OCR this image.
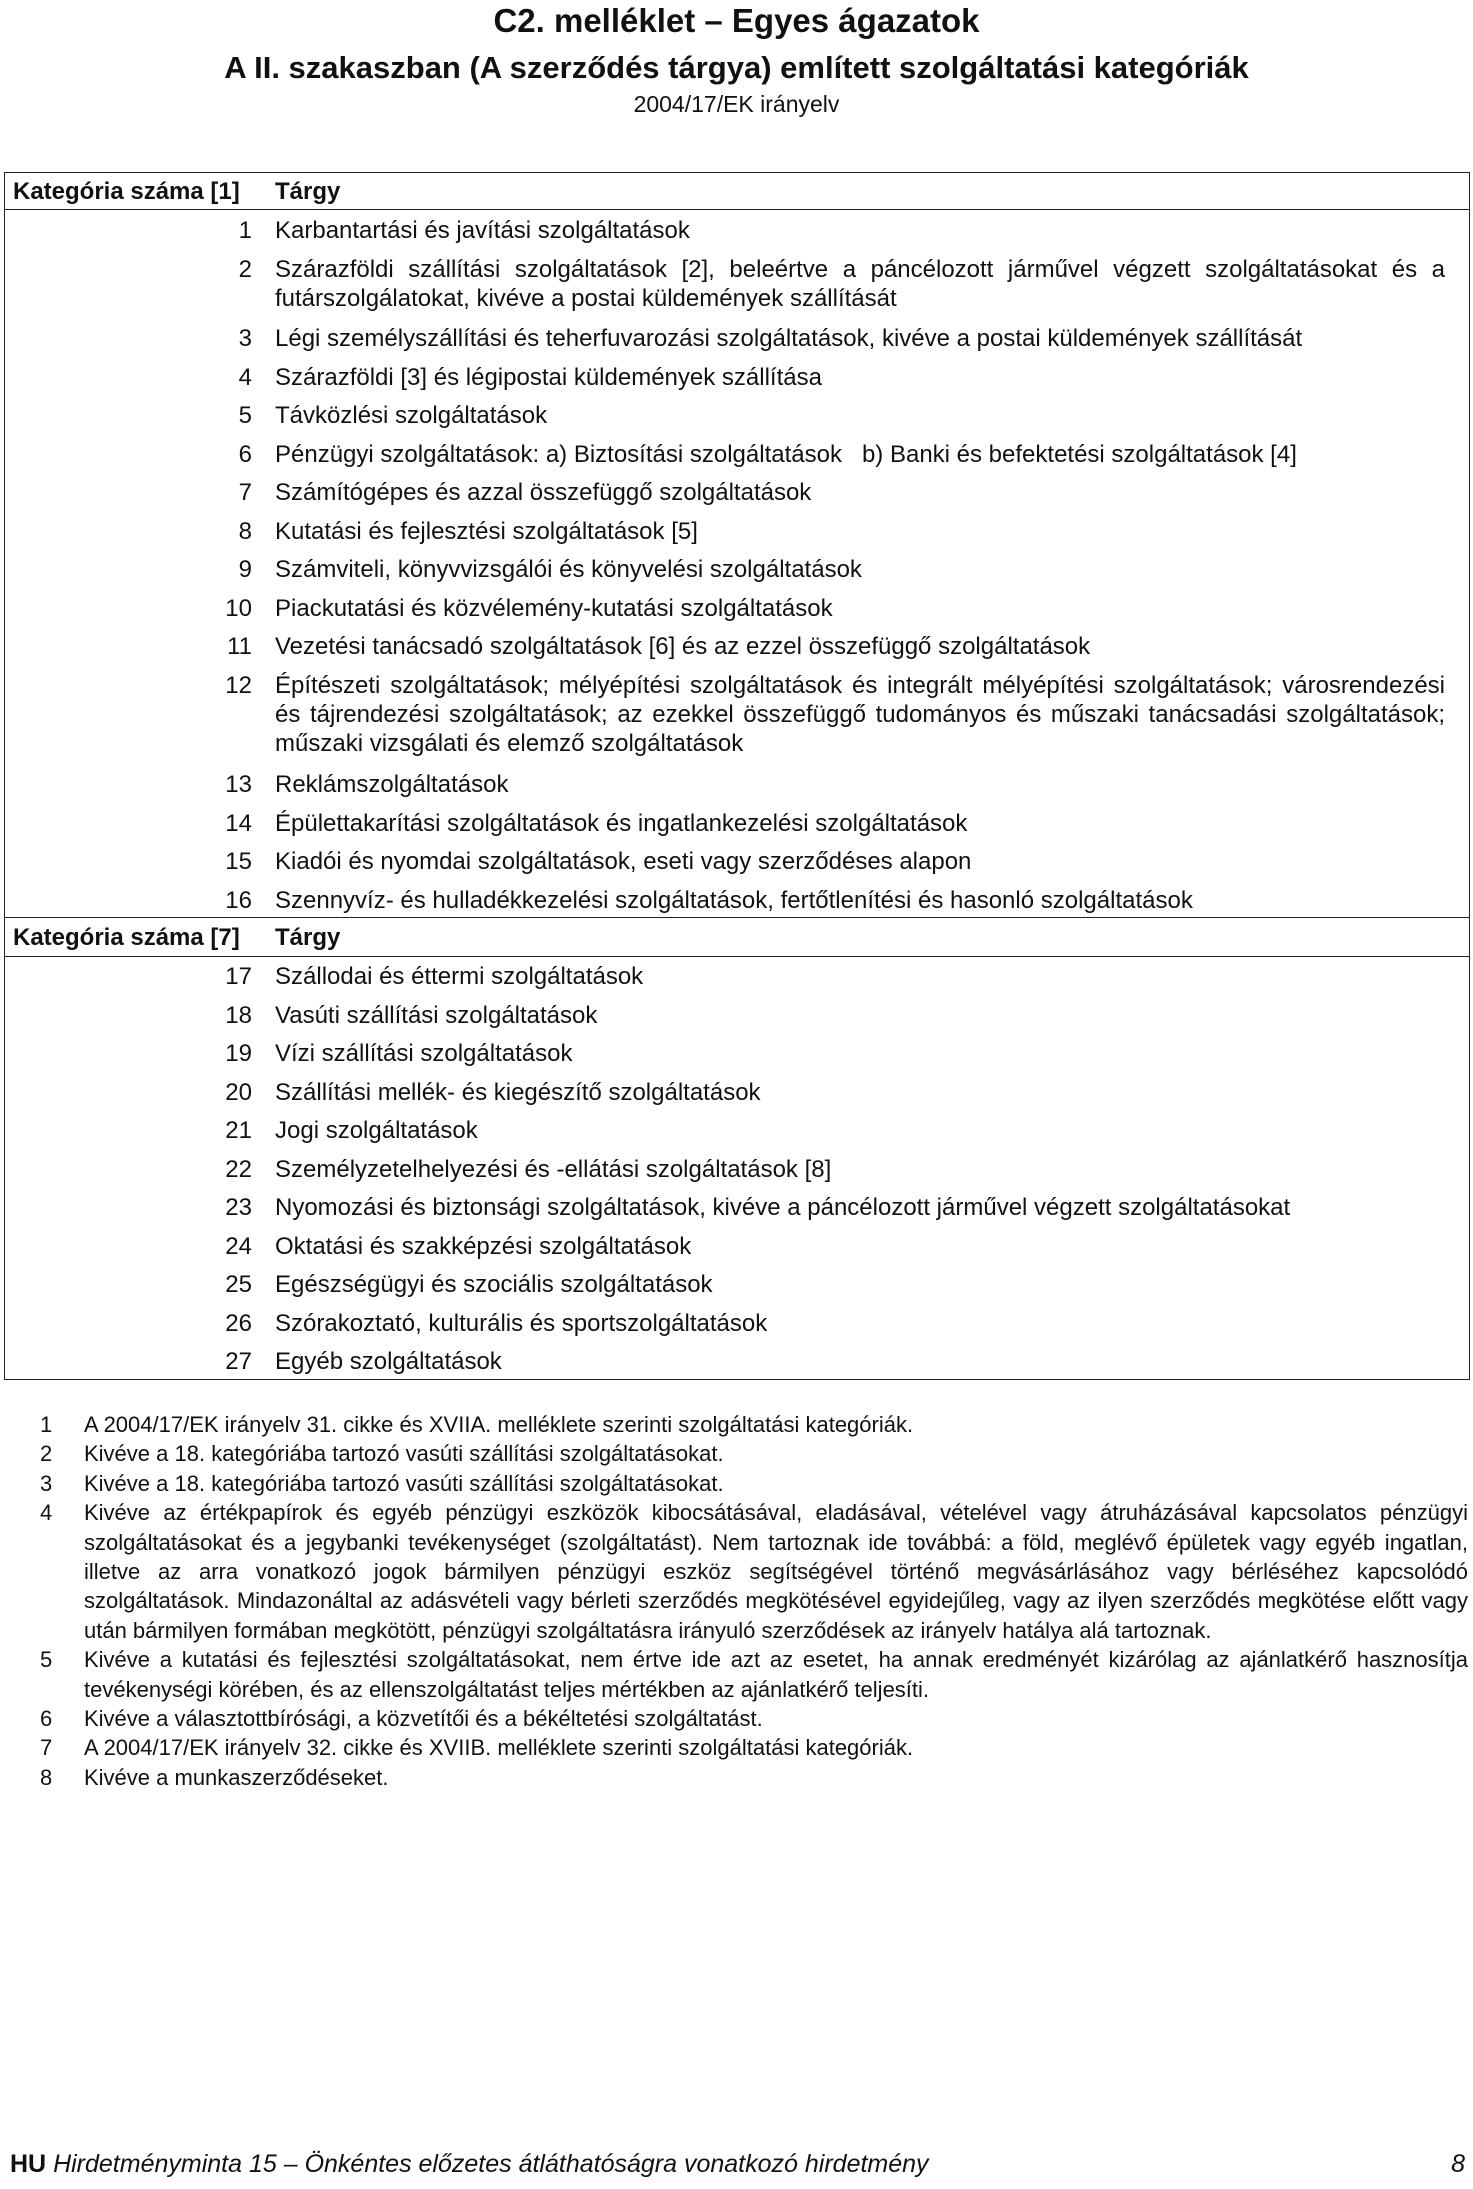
C2. melléklet – Egyes ágazatok
A II. szakaszban (A szerződés tárgya) említett szolgáltatási kategóriák
2004/17/EK irányelv
Kategória száma [1] Tárgy
1 Karbantartási és javítási szolgáltatások
2 Szárazföldi szállítási szolgáltatások [2], beleértve a páncélozott járművel végzett szolgáltatásokat és a futárszolgálatokat, kivéve a postai küldemények szállítását
3 Légi személyszállítási és teherfuvarozási szolgáltatások, kivéve a postai küldemények szállítását
4 Szárazföldi [3] és légipostai küldemények szállítása
5 Távközlési szolgáltatások
6 Pénzügyi szolgáltatások: a) Biztosítási szolgáltatások   b) Banki és befektetési szolgáltatások [4]
7 Számítógépes és azzal összefüggő szolgáltatások
8 Kutatási és fejlesztési szolgáltatások [5]
9 Számviteli, könyvvizsgálói és könyvelési szolgáltatások
10 Piackutatási és közvélemény-kutatási szolgáltatások
11 Vezetési tanácsadó szolgáltatások [6] és az ezzel összefüggő szolgáltatások
12 Építészeti szolgáltatások; mélyépítési szolgáltatások és integrált mélyépítési szolgáltatások; városrendezési és tájrendezési szolgáltatások; az ezekkel összefüggő tudományos és műszaki tanácsadási szolgáltatások; műszaki vizsgálati és elemző szolgáltatások
13 Reklámszolgáltatások
14 Épülettakarítási szolgáltatások és ingatlankezelési szolgáltatások
15 Kiadói és nyomdai szolgáltatások, eseti vagy szerződéses alapon
16 Szennyvíz- és hulladékkezelési szolgáltatások, fertőtlenítési és hasonló szolgáltatások
Kategória száma [7] Tárgy
17 Szállodai és éttermi szolgáltatások
18 Vasúti szállítási szolgáltatások
19 Vízi szállítási szolgáltatások
20 Szállítási mellék- és kiegészítő szolgáltatások
21 Jogi szolgáltatások
22 Személyzetelhelyezési és -ellátási szolgáltatások [8]
23 Nyomozási és biztonsági szolgáltatások, kivéve a páncélozott járművel végzett szolgáltatásokat
24 Oktatási és szakképzési szolgáltatások
25 Egészségügyi és szociális szolgáltatások
26 Szórakoztató, kulturális és sportszolgáltatások
27 Egyéb szolgáltatások
1 A 2004/17/EK irányelv 31. cikke és XVIIA. melléklete szerinti szolgáltatási kategóriák.
2 Kivéve a 18. kategóriába tartozó vasúti szállítási szolgáltatásokat.
3 Kivéve a 18. kategóriába tartozó vasúti szállítási szolgáltatásokat.
4 Kivéve az értékpapírok és egyéb pénzügyi eszközök kibocsátásával, eladásával, vételével vagy átruházásával kapcsolatos pénzügyi szolgáltatásokat és a jegybanki tevékenységet (szolgáltatást). Nem tartoznak ide továbbá: a föld, meglévő épületek vagy egyéb ingatlan, illetve az arra vonatkozó jogok bármilyen pénzügyi eszköz segítségével történő megvásárlásához vagy bérléséhez kapcsolódó szolgáltatások. Mindazonáltal az adásvételi vagy bérleti szerződés megkötésével egyidejűleg, vagy az ilyen szerződés megkötése előtt vagy után bármilyen formában megkötött, pénzügyi szolgáltatásra irányuló szerződések az irányelv hatálya alá tartoznak.
5 Kivéve a kutatási és fejlesztési szolgáltatásokat, nem értve ide azt az esetet, ha annak eredményét kizárólag az ajánlatkérő hasznosítja tevékenységi körében, és az ellenszolgáltatást teljes mértékben az ajánlatkérő teljesíti.
6 Kivéve a választottbírósági, a közvetítői és a békéltetési szolgáltatást.
7 A 2004/17/EK irányelv 32. cikke és XVIIB. melléklete szerinti szolgáltatási kategóriák.
8 Kivéve a munkaszerződéseket.
HU Hirdetményminta 15 – Önkéntes előzetes átláthatóságra vonatkozó hirdetmény	8
